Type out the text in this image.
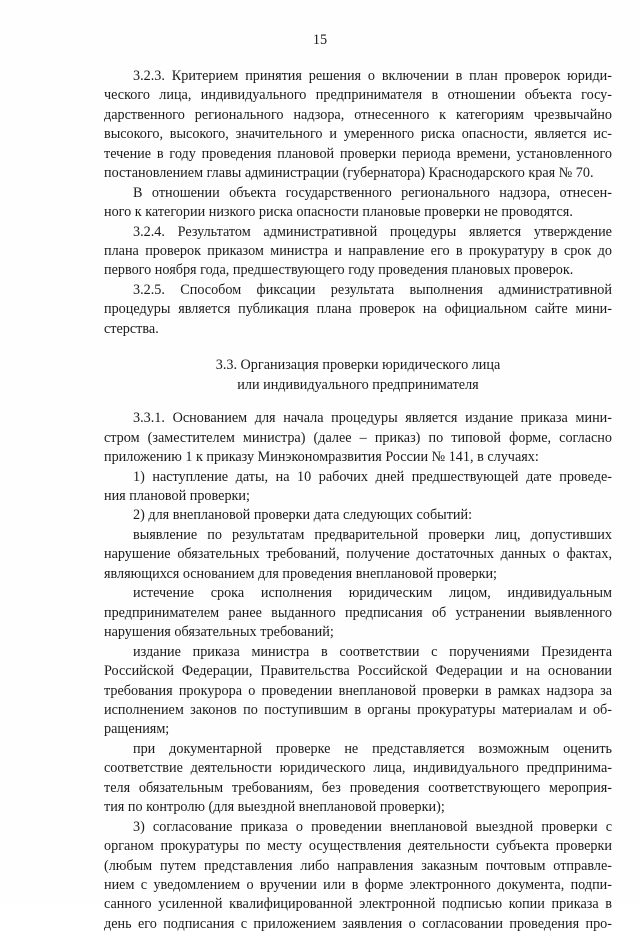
15
3.2.3. Критерием принятия решения о включении в план проверок юриди-
ческого лица, индивидуального предпринимателя в отношении объекта госу-
дарственного регионального надзора, отнесенного к категориям чрезвычайно
высокого, высокого, значительного и умеренного риска опасности, является ис-
течение в году проведения плановой проверки периода времени, установленного
постановлением главы администрации (губернатора) Краснодарского края № 70.
В отношении объекта государственного регионального надзора, отнесен-
ного к категории низкого риска опасности плановые проверки не проводятся.
3.2.4. Результатом административной процедуры является утверждение
плана проверок приказом министра и направление его в прокуратуру в срок до
первого ноября года, предшествующего году проведения плановых проверок.
3.2.5. Способом фиксации результата выполнения административной
процедуры является публикация плана проверок на официальном сайте мини-
стерства.
3.3. Организация проверки юридического лица
или индивидуального предпринимателя
3.3.1. Основанием для начала процедуры является издание приказа мини-
стром (заместителем министра) (далее – приказ) по типовой форме, согласно
приложению 1 к приказу Минэкономразвития России № 141, в случаях:
1) наступление даты, на 10 рабочих дней предшествующей дате проведе-
ния плановой проверки;
2) для внеплановой проверки дата следующих событий:
выявление по результатам предварительной проверки лиц, допустивших
нарушение обязательных требований, получение достаточных данных о фактах,
являющихся основанием для проведения внеплановой проверки;
истечение срока исполнения юридическим лицом, индивидуальным
предпринимателем ранее выданного предписания об устранении выявленного
нарушения обязательных требований;
издание приказа министра в соответствии с поручениями Президента
Российской Федерации, Правительства Российской Федерации и на основании
требования прокурора о проведении внеплановой проверки в рамках надзора за
исполнением законов по поступившим в органы прокуратуры материалам и об-
ращениям;
при документарной проверке не представляется возможным оценить
соответствие деятельности юридического лица, индивидуального предпринима-
теля обязательным требованиям, без проведения соответствующего мероприя-
тия по контролю (для выездной внеплановой проверки);
3) согласование приказа о проведении внеплановой выездной проверки с
органом прокуратуры по месту осуществления деятельности субъекта проверки
(любым путем представления либо направления заказным почтовым отправле-
нием с уведомлением о вручении или в форме электронного документа, подпи-
санного усиленной квалифицированной электронной подписью копии приказа в
день его подписания с приложением заявления о согласовании проведения про-
